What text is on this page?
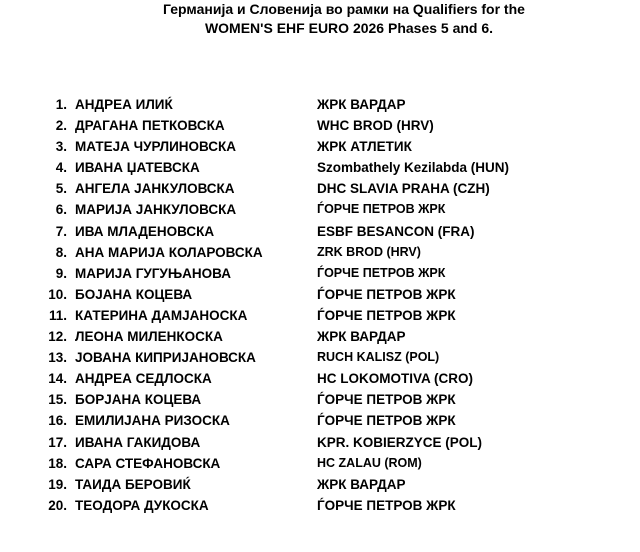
Германија и Словенија во рамки на Qualifiers for the
WOMEN'S EHF EURO 2026 Phases 5 and 6.
1. АНДРЕА ИЛИЌ	ЖРК ВАРДАР
2. ДРАГАНА ПЕТКОВСКА	WHC BROD (HRV)
3. МАТЕЈА ЧУРЛИНОВСКА	ЖРК АТЛЕТИК
4. ИВАНА ЏАТЕВСКА	Szombathely Kezilabda (HUN)
5. АНГЕЛА ЈАНКУЛОВСКА	DHC SLAVIA PRAHA (CZH)
6. МАРИЈА ЈАНКУЛОВСКА	ЃОРЧЕ ПЕТРОВ ЖРК
7. ИВА МЛАДЕНОВСКА	ESBF BESANCON (FRA)
8. АНА МАРИЈА КОЛАРОВСКА	ZRK BROD (HRV)
9. МАРИЈА ГУГУЊАНОВА	ЃОРЧЕ ПЕТРОВ ЖРК
10. БОЈАНА КОЦЕВА	ЃОРЧЕ ПЕТРОВ ЖРК
11. КАТЕРИНА ДАМЈАНОСКА	ЃОРЧЕ ПЕТРОВ ЖРК
12. ЛЕОНА МИЛЕНКОСКА	ЖРК ВАРДАР
13. ЈОВАНА КИПРИЈАНОВСКА	RUCH KALISZ (POL)
14. АНДРЕА СЕДЛОСКА	HC LOKOMOTIVA (CRO)
15. БОРЈАНА КОЦЕВА	ЃОРЧЕ ПЕТРОВ ЖРК
16. ЕМИЛИЈАНА РИЗОСКА	ЃОРЧЕ ПЕТРОВ ЖРК
17. ИВАНА ГАКИДОВА	KPR. KOBIERZYCE (POL)
18. САРА СТЕФАНОВСКА	HC ZALAU (ROM)
19. ТАИДА БЕРОВИЌ	ЖРК ВАРДАР
20. ТЕОДОРА ДУКОСКА	ЃОРЧЕ ПЕТРОВ ЖРК
